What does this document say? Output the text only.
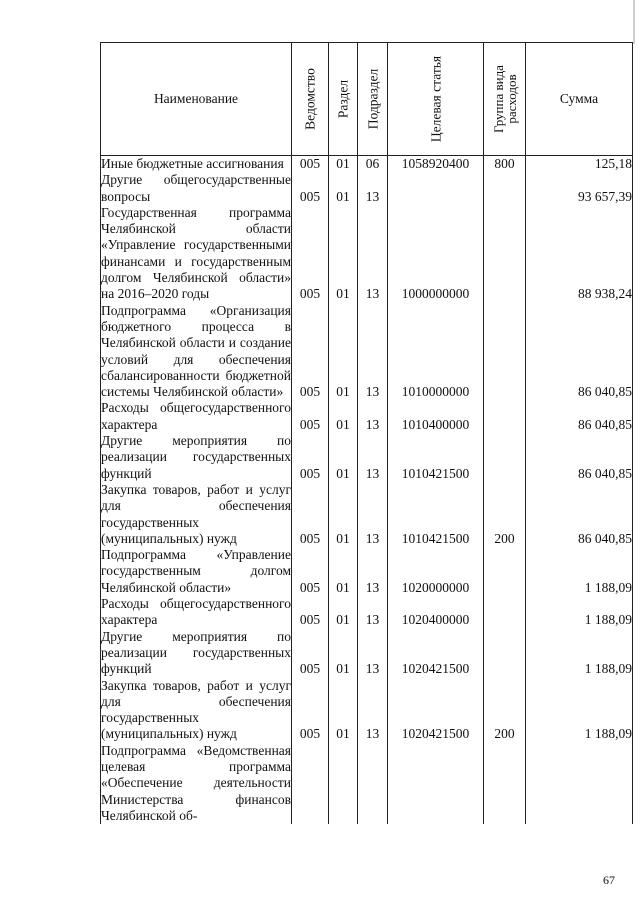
Наименование	Ведомство	Раздел	Подраздел	Целевая статья	Группа вида расходов	Сумма
Иные бюджетные ассигнования	005	01	06	1058920400	800	125,18
Другие общегосударственные вопросы	005	01	13			93 657,39
Государственная программа Челябинской области «Управление государственными финансами и государственным долгом Челябинской области» на 2016–2020 годы	005	01	13	1000000000		88 938,24
Подпрограмма «Организация бюджетного процесса в Челябинской области и создание условий для обеспечения сбалансированности бюджетной системы Челябинской области»	005	01	13	1010000000		86 040,85
Расходы общегосударственного характера	005	01	13	1010400000		86 040,85
Другие мероприятия по реализации государственных функций	005	01	13	1010421500		86 040,85
Закупка товаров, работ и услуг для обеспечения государственных (муниципальных) нужд	005	01	13	1010421500	200	86 040,85
Подпрограмма «Управление государственным долгом Челябинской области»	005	01	13	1020000000		1 188,09
Расходы общегосударственного характера	005	01	13	1020400000		1 188,09
Другие мероприятия по реализации государственных функций	005	01	13	1020421500		1 188,09
Закупка товаров, работ и услуг для обеспечения государственных (муниципальных) нужд	005	01	13	1020421500	200	1 188,09
Подпрограмма «Ведомственная целевая программа «Обеспечение деятельности Министерства финансов Челябинской об-						
67
